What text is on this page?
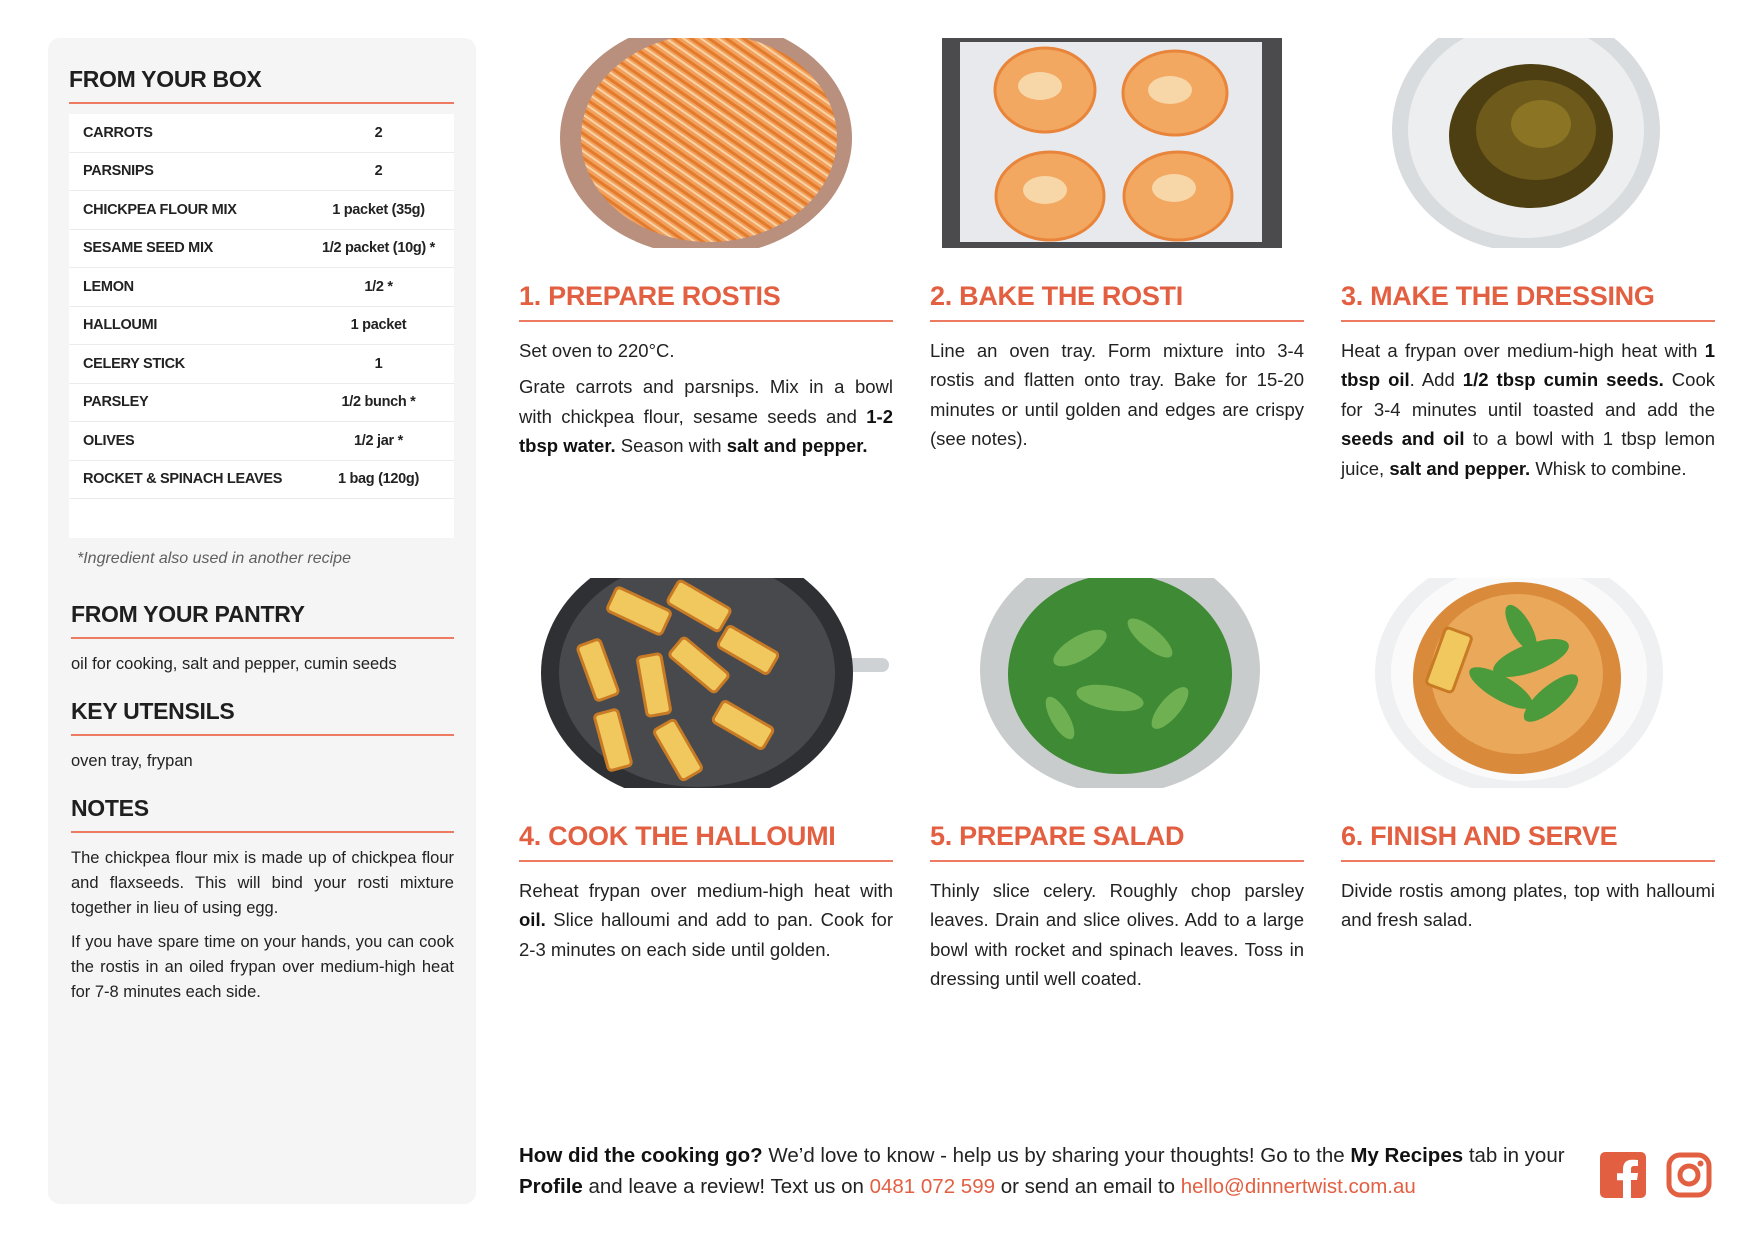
FROM YOUR BOX
CARROTS	2
PARSNIPS	2
CHICKPEA FLOUR MIX	1 packet (35g)
SESAME SEED MIX	1/2 packet (10g) *
LEMON	1/2 *
HALLOUMI	1 packet
CELERY STICK	1
PARSLEY	1/2 bunch *
OLIVES	1/2 jar *
ROCKET & SPINACH LEAVES	1 bag (120g)
*Ingredient also used in another recipe
FROM YOUR PANTRY
oil for cooking, salt and pepper, cumin seeds
KEY UTENSILS
oven tray, frypan
NOTES

The chickpea flour mix is made up of chickpea flour and flaxseeds. This will bind your rosti mixture together in lieu of using egg.

If you have spare time on your hands, you can cook the rostis in an oiled frypan over medium-high heat for 7-8 minutes each side.

1. PREPARE ROSTIS

Set oven to 220°C.

Grate carrots and parsnips. Mix in a bowl with chickpea flour, sesame seeds and 1-2 tbsp water. Season with salt and pepper.

2. BAKE THE ROSTI

Line an oven tray. Form mixture into 3-4 rostis and flatten onto tray. Bake for 15-20 minutes or until golden and edges are crispy (see notes).

3. MAKE THE DRESSING

Heat a frypan over medium-high heat with 1 tbsp oil. Add 1/2 tbsp cumin seeds. Cook for 3-4 minutes until toasted and add the seeds and oil to a bowl with 1 tbsp lemon juice, salt and pepper. Whisk to combine.

4. COOK THE HALLOUMI

Reheat frypan over medium-high heat with oil. Slice halloumi and add to pan. Cook for 2-3 minutes on each side until golden.

5. PREPARE SALAD

Thinly slice celery. Roughly chop parsley leaves. Drain and slice olives. Add to a large bowl with rocket and spinach leaves. Toss in dressing until well coated.

6. FINISH AND SERVE

Divide rostis among plates, top with halloumi and fresh salad.

How did the cooking go? We’d love to know - help us by sharing your thoughts! Go to the My Recipes tab in your Profile and leave a review! Text us on 0481 072 599 or send an email to hello@dinnertwist.com.au
